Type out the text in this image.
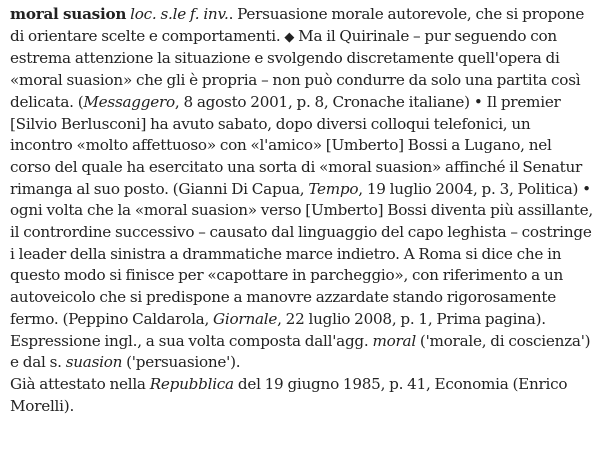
moral suasion loc. s.le f. inv.. Persuasione morale autorevole, che si propone di orientare scelte e comportamenti. ◆ Ma il Quirinale – pur seguendo con estrema attenzione la situazione e svolgendo discretamente quell'opera di «moral suasion» che gli è propria – non può condurre da solo una partita così delicata. (Messaggero, 8 agosto 2001, p. 8, Cronache italiane) • Il premier [Silvio Berlusconi] ha avuto sabato, dopo diversi colloqui telefonici, un incontro «molto affettuoso» con «l'amico» [Umberto] Bossi a Lugano, nel corso del quale ha esercitato una sorta di «moral suasion» affinché il Senatur rimanga al suo posto. (Gianni Di Capua, Tempo, 19 luglio 2004, p. 3, Politica) • ogni volta che la «moral suasion» verso [Umberto] Bossi diventa più assillante, il contrordine successivo – causato dal linguaggio del capo leghista – costringe i leader della sinistra a drammatiche marce indietro. A Roma si dice che in questo modo si finisce per «capottare in parcheggio», con riferimento a un autoveicolo che si predispone a manovre azzardate stando rigorosamente fermo. (Peppino Caldarola, Giornale, 22 luglio 2008, p. 1, Prima pagina).

Espressione ingl., a sua volta composta dall'agg. moral ('morale, di coscienza') e dal s. suasion ('persuasione').

Già attestato nella Repubblica del 19 giugno 1985, p. 41, Economia (Enrico Morelli).
